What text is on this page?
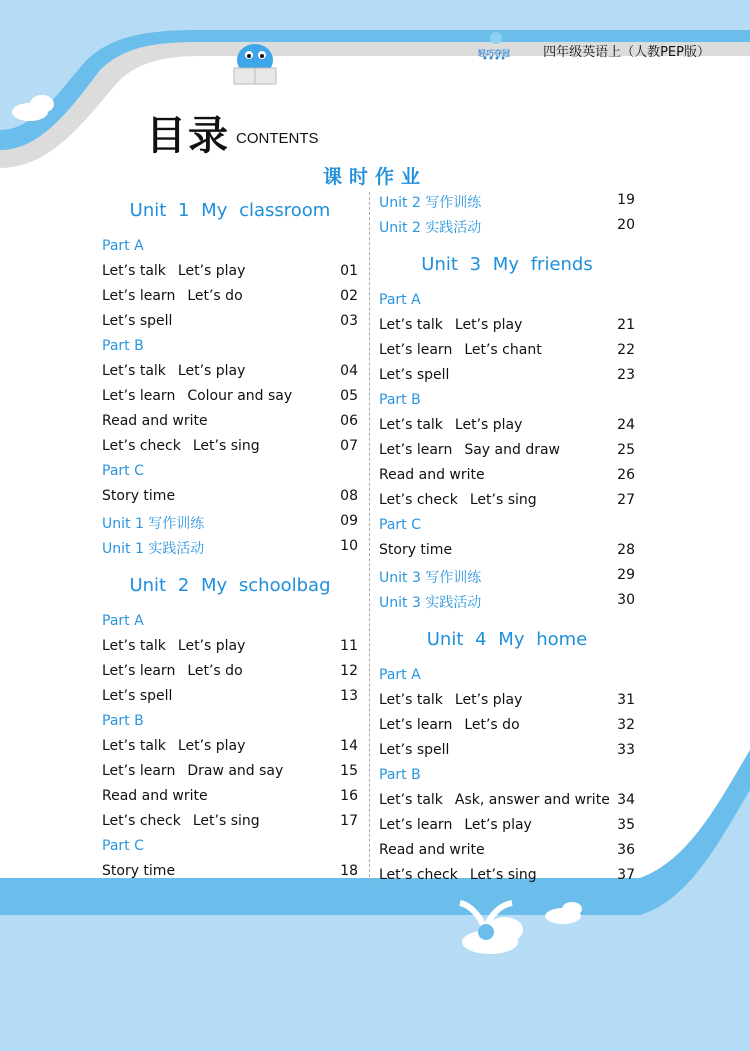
轻巧夺冠	四年级英语上（人教PEP版）
目录 CONTENTS
课时作业
Unit 1 My classroom
Part A
Let’s talk Let’s play	01
Let’s learn Let’s do	02
Let’s spell	03
Part B
Let’s talk Let’s play	04
Let’s learn Colour and say	05
Read and write	06
Let’s check Let’s sing	07
Part C
Story time	08
Unit 1 写作训练	09
Unit 1 实践活动	10
Unit 2 My schoolbag
Part A
Let’s talk Let’s play	11
Let’s learn Let’s do	12
Let’s spell	13
Part B
Let’s talk Let’s play	14
Let’s learn Draw and say	15
Read and write	16
Let’s check Let’s sing	17
Part C
Story time	18
Unit 2 写作训练	19
Unit 2 实践活动	20
Unit 3 My friends
Part A
Let’s talk Let’s play	21
Let’s learn Let’s chant	22
Let’s spell	23
Part B
Let’s talk Let’s play	24
Let’s learn Say and draw	25
Read and write	26
Let’s check Let’s sing	27
Part C
Story time	28
Unit 3 写作训练	29
Unit 3 实践活动	30
Unit 4 My home
Part A
Let’s talk Let’s play	31
Let’s learn Let’s do	32
Let’s spell	33
Part B
Let’s talk Ask, answer and write 34
Let’s learn Let’s play	35
Read and write	36
Let’s check Let’s sing	37
